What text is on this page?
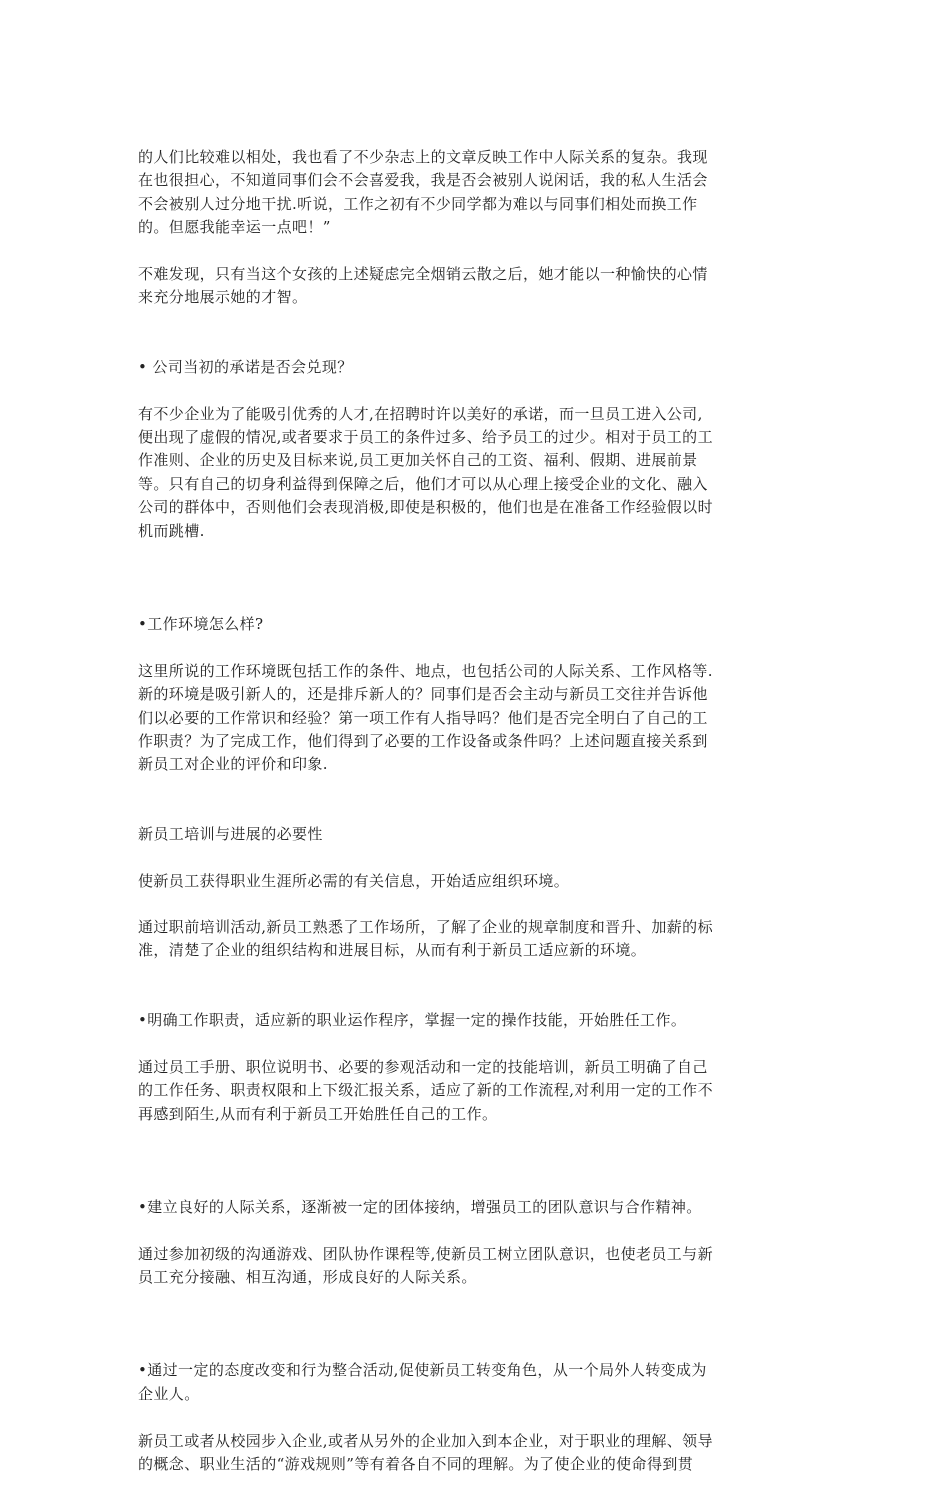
的人们比较难以相处，我也看了不少杂志上的文章反映工作中人际关系的复杂。我现
在也很担心，不知道同事们会不会喜爱我，我是否会被别人说闲话，我的私人生活会
不会被别人过分地干扰.听说，工作之初有不少同学都为难以与同事们相处而换工作
的。但愿我能幸运一点吧！”

不难发现，只有当这个女孩的上述疑虑完全烟销云散之后，她才能以一种愉快的心情
来充分地展示她的才智。

• 公司当初的承诺是否会兑现？

有不少企业为了能吸引优秀的人才,在招聘时许以美好的承诺，而一旦员工进入公司,
便出现了虚假的情况,或者要求于员工的条件过多、给予员工的过少。相对于员工的工
作准则、企业的历史及目标来说,员工更加关怀自己的工资、福利、假期、进展前景
等。只有自己的切身利益得到保障之后，他们才可以从心理上接受企业的文化、融入
公司的群体中，否则他们会表现消极,即使是积极的，他们也是在准备工作经验假以时
机而跳槽.

•工作环境怎么样?

这里所说的工作环境既包括工作的条件、地点，也包括公司的人际关系、工作风格等.
新的环境是吸引新人的，还是排斥新人的？同事们是否会主动与新员工交往并告诉他
们以必要的工作常识和经验？第一项工作有人指导吗？他们是否完全明白了自己的工
作职责？为了完成工作，他们得到了必要的工作设备或条件吗？上述问题直接关系到
新员工对企业的评价和印象.

新员工培训与进展的必要性

使新员工获得职业生涯所必需的有关信息，开始适应组织环境。

通过职前培训活动,新员工熟悉了工作场所，了解了企业的规章制度和晋升、加薪的标
准，清楚了企业的组织结构和进展目标，从而有利于新员工适应新的环境。

•明确工作职责，适应新的职业运作程序，掌握一定的操作技能，开始胜任工作。

通过员工手册、职位说明书、必要的参观活动和一定的技能培训，新员工明确了自己
的工作任务、职责权限和上下级汇报关系，适应了新的工作流程,对利用一定的工作不
再感到陌生,从而有利于新员工开始胜任自己的工作。

•建立良好的人际关系，逐渐被一定的团体接纳，增强员工的团队意识与合作精神。

通过参加初级的沟通游戏、团队协作课程等,使新员工树立团队意识，也使老员工与新
员工充分接融、相互沟通，形成良好的人际关系。

•通过一定的态度改变和行为整合活动,促使新员工转变角色，从一个局外人转变成为
企业人。

新员工或者从校园步入企业,或者从另外的企业加入到本企业，对于职业的理解、领导
的概念、职业生活的“游戏规则”等有着各自不同的理解。为了使企业的使命得到贯
